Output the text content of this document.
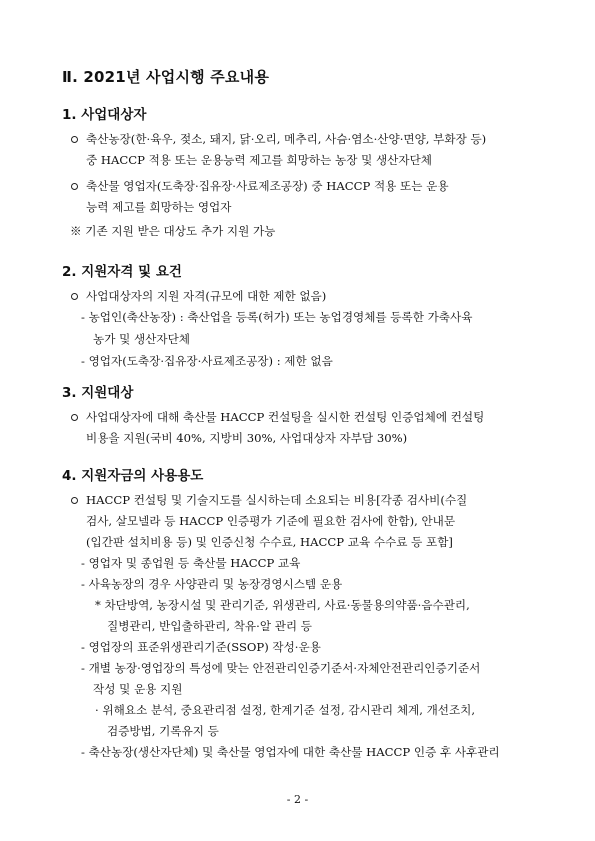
Ⅱ. 2021년 사업시행 주요내용
1. 사업대상자
축산농장(한·육우, 젖소, 돼지, 닭·오리, 메추리, 사슴·염소·산양·면양, 부화장 등)
중 HACCP 적용 또는 운용능력 제고를 희망하는 농장 및 생산자단체
축산물 영업자(도축장·집유장·사료제조공장) 중 HACCP 적용 또는 운용
능력 제고를 희망하는 영업자
※ 기존 지원 받은 대상도 추가 지원 가능
2. 지원자격 및 요건
사업대상자의 지원 자격(규모에 대한 제한 없음)
- 농업인(축산농장) : 축산업을 등록(허가) 또는 농업경영체를 등록한 가축사육
농가 및 생산자단체
- 영업자(도축장·집유장·사료제조공장) : 제한 없음
3. 지원대상
사업대상자에 대해 축산물 HACCP 컨설팅을 실시한 컨설팅 인증업체에 컨설팅
비용을 지원(국비 40%, 지방비 30%, 사업대상자 자부담 30%)
4. 지원자금의 사용용도
HACCP 컨설팅 및 기술지도를 실시하는데 소요되는 비용[각종 검사비(수질
검사, 살모넬라 등 HACCP 인증평가 기준에 필요한 검사에 한함), 안내문
(입간판 설치비용 등) 및 인증신청 수수료, HACCP 교육 수수료 등 포함]
- 영업자 및 종업원 등 축산물 HACCP 교육
- 사육농장의 경우 사양관리 및 농장경영시스템 운용
* 차단방역, 농장시설 및 관리기준, 위생관리, 사료·동물용의약품·음수관리,
질병관리, 반입출하관리, 착유·알 관리 등
- 영업장의 표준위생관리기준(SSOP) 작성·운용
- 개별 농장·영업장의 특성에 맞는 안전관리인증기준서·자체안전관리인증기준서
작성 및 운용 지원
· 위해요소 분석, 중요관리점 설정, 한계기준 설정, 감시관리 체계, 개선조치,
검증방법, 기록유지 등
- 축산농장(생산자단체) 및 축산물 영업자에 대한 축산물 HACCP 인증 후 사후관리
- 2 -
